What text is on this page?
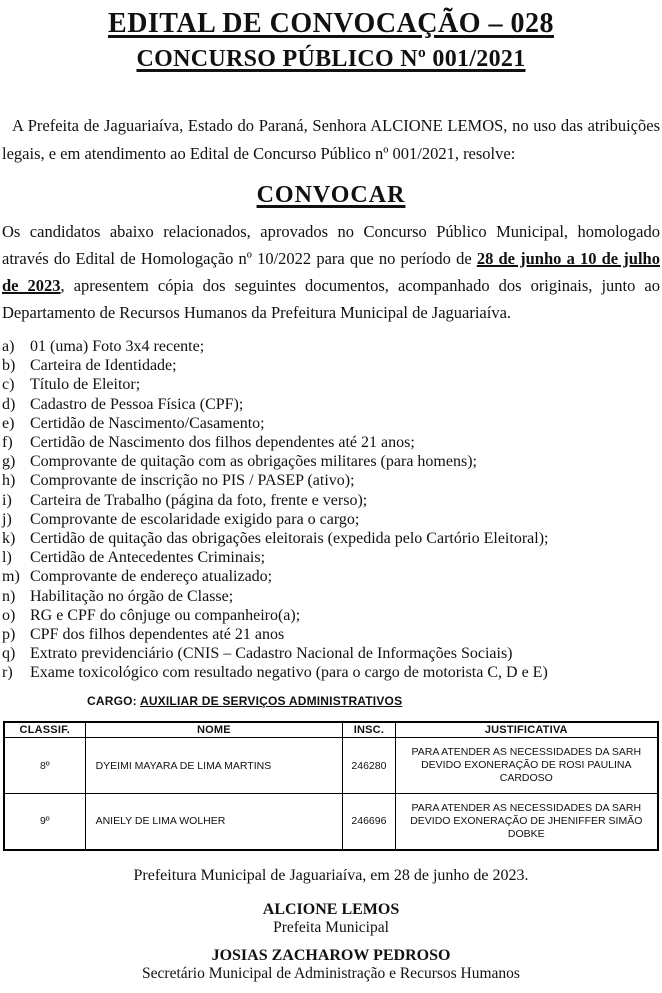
EDITAL DE CONVOCAÇÃO – 028
CONCURSO PÚBLICO Nº 001/2021

A Prefeita de Jaguariaíva, Estado do Paraná, Senhora ALCIONE LEMOS, no uso das atribuições legais, e em atendimento ao Edital de Concurso Público nº 001/2021, resolve:

CONVOCAR

Os candidatos abaixo relacionados, aprovados no Concurso Público Municipal, homologado através do Edital de Homologação nº 10/2022 para que no período de 28 de junho a 10 de julho de 2023, apresentem cópia dos seguintes documentos, acompanhado dos originais, junto ao Departamento de Recursos Humanos da Prefeitura Municipal de Jaguariaíva.

a) 01 (uma) Foto 3x4 recente;
b) Carteira de Identidade;
c) Título de Eleitor;
d) Cadastro de Pessoa Física (CPF);
e) Certidão de Nascimento/Casamento;
f)	Certidão de Nascimento dos filhos dependentes até 21 anos;
g) Comprovante de quitação com as obrigações militares (para homens);
h) Comprovante de inscrição no PIS / PASEP (ativo);
i)	Carteira de Trabalho (página da foto, frente e verso);
j)	Comprovante de escolaridade exigido para o cargo;
k) Certidão de quitação das obrigações eleitorais (expedida pelo Cartório Eleitoral);
l)	Certidão de Antecedentes Criminais;
m) Comprovante de endereço atualizado;
n) Habilitação no órgão de Classe;
o) RG e CPF do cônjuge ou companheiro(a);
p) CPF dos filhos dependentes até 21 anos
q) Extrato previdenciário (CNIS – Cadastro Nacional de Informações Sociais)
r)	Exame toxicológico com resultado negativo (para o cargo de motorista C, D e E)
CARGO: AUXILIAR DE SERVIÇOS ADMINISTRATIVOS
CLASSIF.	NOME	INSC.	JUSTIFICATIVA
8º	DYEIMI MAYARA DE LIMA MARTINS	246280	PARA ATENDER AS NECESSIDADES DA SARH DEVIDO EXONERAÇÃO DE ROSI PAULINA CARDOSO
9º	ANIELY DE LIMA WOLHER	246696	PARA ATENDER AS NECESSIDADES DA SARH DEVIDO EXONERAÇÃO DE JHENIFFER SIMÃO DOBKE

Prefeitura Municipal de Jaguariaíva, em 28 de junho de 2023.

ALCIONE LEMOS
Prefeita Municipal
JOSIAS ZACHAROW PEDROSO
Secretário Municipal de Administração e Recursos Humanos
